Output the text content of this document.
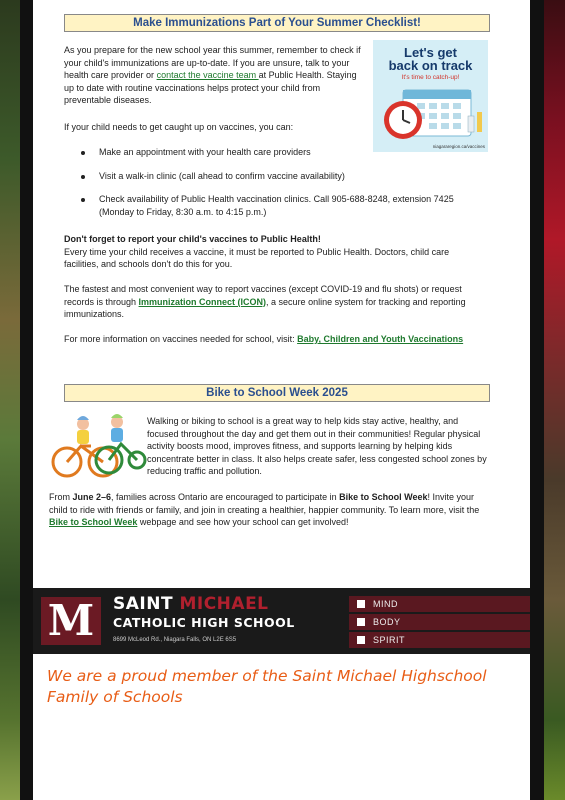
Make Immunizations Part of Your Summer Checklist!

As you prepare for the new school year this summer, remember to check if your child's immunizations are up-to-date. If you are unsure, talk to your health care provider or contact the vaccine team at Public Health. Staying up to date with routine vaccinations helps protect your child from preventable diseases.

Let's get
back on track
It's time to catch-up!
niagararegion.ca/vaccines

If your child needs to get caught up on vaccines, you can:

Make an appointment with your health care providers
Visit a walk-in clinic (call ahead to confirm vaccine availability)
Check availability of Public Health vaccination clinics. Call 905-688-8248, extension 7425 (Monday to Friday, 8:30 a.m. to 4:15 p.m.)

Don't forget to report your child's vaccines to Public Health!
Every time your child receives a vaccine, it must be reported to Public Health. Doctors, child care facilities, and schools don't do this for you.

The fastest and most convenient way to report vaccines (except COVID-19 and flu shots) or request records is through Immunization Connect (ICON), a secure online system for tracking and reporting immunizations.

For more information on vaccines needed for school, visit: Baby, Children and Youth Vaccinations

Bike to School Week 2025

Walking or biking to school is a great way to help kids stay active, healthy, and focused throughout the day and get them out in their communities! Regular physical activity boosts mood, improves fitness, and supports learning by helping kids concentrate better in class. It also helps create safer, less congested school zones by reducing traffic and pollution.

From June 2–6, families across Ontario are encouraged to participate in Bike to School Week! Invite your child to ride with friends or family, and join in creating a healthier, happier community. To learn more, visit the Bike to School Week webpage and see how your school can get involved!

M	SAINT MICHAEL
CATHOLIC HIGH SCHOOL
8699 McLeod Rd., Niagara Falls, ON L2E 6S5
MIND
BODY
SPIRIT
We are a proud member of the Saint Michael Highschool Family of Schools
